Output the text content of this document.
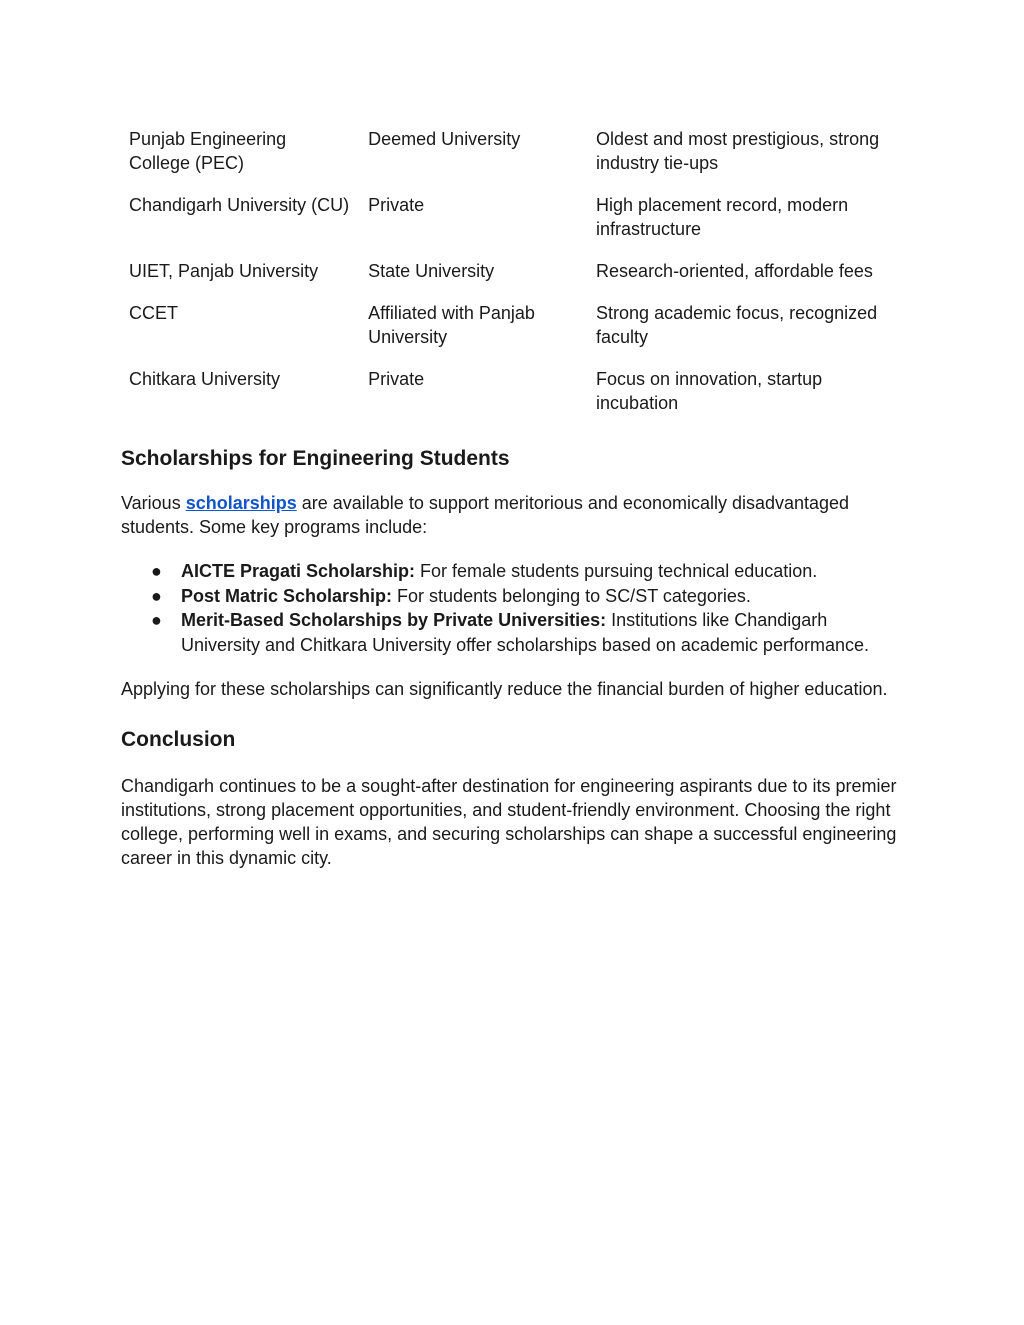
Punjab Engineering College (PEC)	Deemed University	Oldest and most prestigious, strong industry tie-ups
Chandigarh University (CU)	Private	High placement record, modern infrastructure
UIET, Panjab University	State University	Research-oriented, affordable fees
CCET	Affiliated with Panjab University	Strong academic focus, recognized faculty
Chitkara University	Private	Focus on innovation, startup incubation
Scholarships for Engineering Students

Various scholarships are available to support meritorious and economically disadvantaged students. Some key programs include:

● AICTE Pragati Scholarship: For female students pursuing technical education.
● Post Matric Scholarship: For students belonging to SC/ST categories.
● Merit-Based Scholarships by Private Universities: Institutions like Chandigarh University and Chitkara University offer scholarships based on academic performance.

Applying for these scholarships can significantly reduce the financial burden of higher education.

Conclusion

Chandigarh continues to be a sought-after destination for engineering aspirants due to its premier institutions, strong placement opportunities, and student-friendly environment. Choosing the right college, performing well in exams, and securing scholarships can shape a successful engineering career in this dynamic city.
